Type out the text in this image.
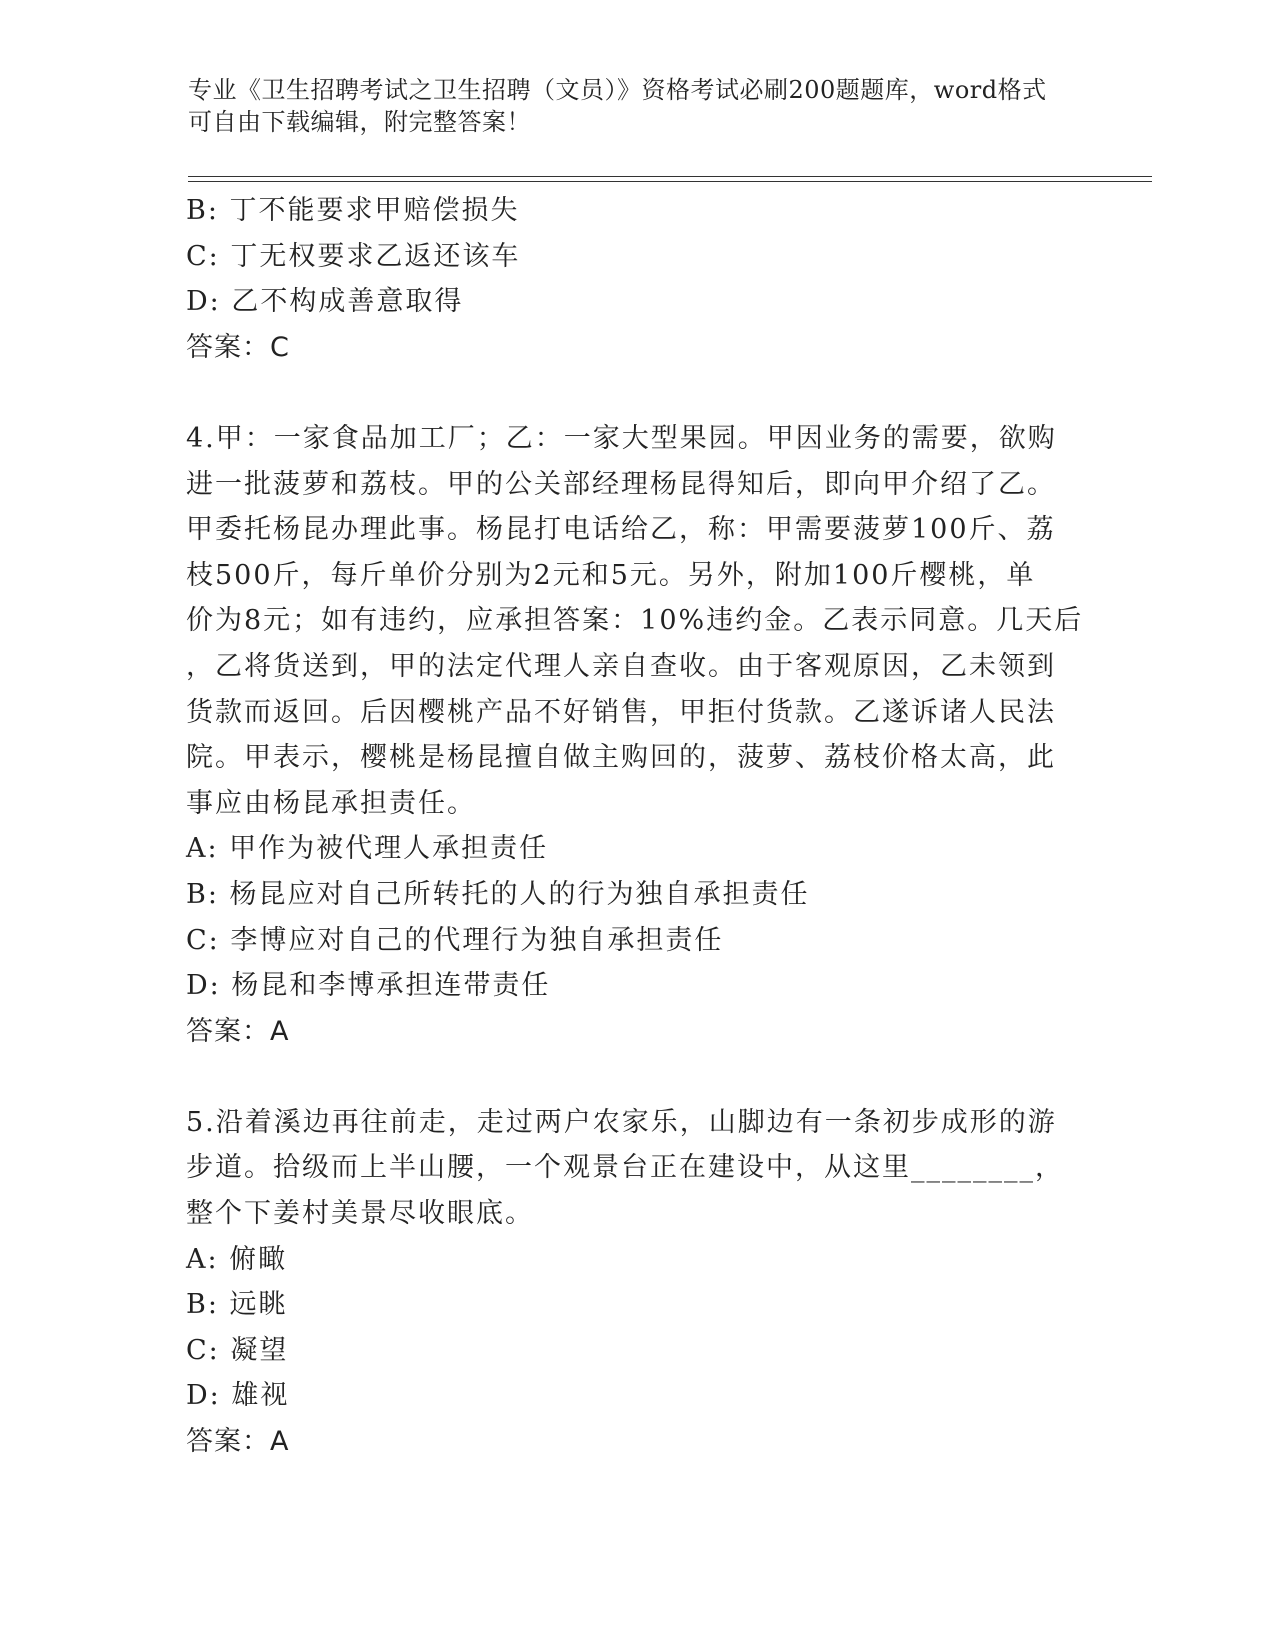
专业《卫生招聘考试之卫生招聘（文员）》资格考试必刷200题题库，word格式
可自由下载编辑，附完整答案！
B: 丁不能要求甲赔偿损失
C: 丁无权要求乙返还该车
D: 乙不构成善意取得
答案：C
4.甲：一家食品加工厂；乙：一家大型果园。甲因业务的需要，欲购
进一批菠萝和荔枝。甲的公关部经理杨昆得知后，即向甲介绍了乙。
甲委托杨昆办理此事。杨昆打电话给乙，称：甲需要菠萝100斤、荔
枝500斤，每斤单价分别为2元和5元。另外，附加100斤樱桃，单
价为8元；如有违约，应承担答案：10%违约金。乙表示同意。几天后
，乙将货送到，甲的法定代理人亲自查收。由于客观原因，乙未领到
货款而返回。后因樱桃产品不好销售，甲拒付货款。乙遂诉诸人民法
院。甲表示，樱桃是杨昆擅自做主购回的，菠萝、荔枝价格太高，此
事应由杨昆承担责任。
A: 甲作为被代理人承担责任
B: 杨昆应对自己所转托的人的行为独自承担责任
C: 李博应对自己的代理行为独自承担责任
D: 杨昆和李博承担连带责任
答案：A
5.沿着溪边再往前走，走过两户农家乐，山脚边有一条初步成形的游
步道。拾级而上半山腰，一个观景台正在建设中，从这里________，
整个下姜村美景尽收眼底。
A: 俯瞰
B: 远眺
C: 凝望
D: 雄视
答案：A
